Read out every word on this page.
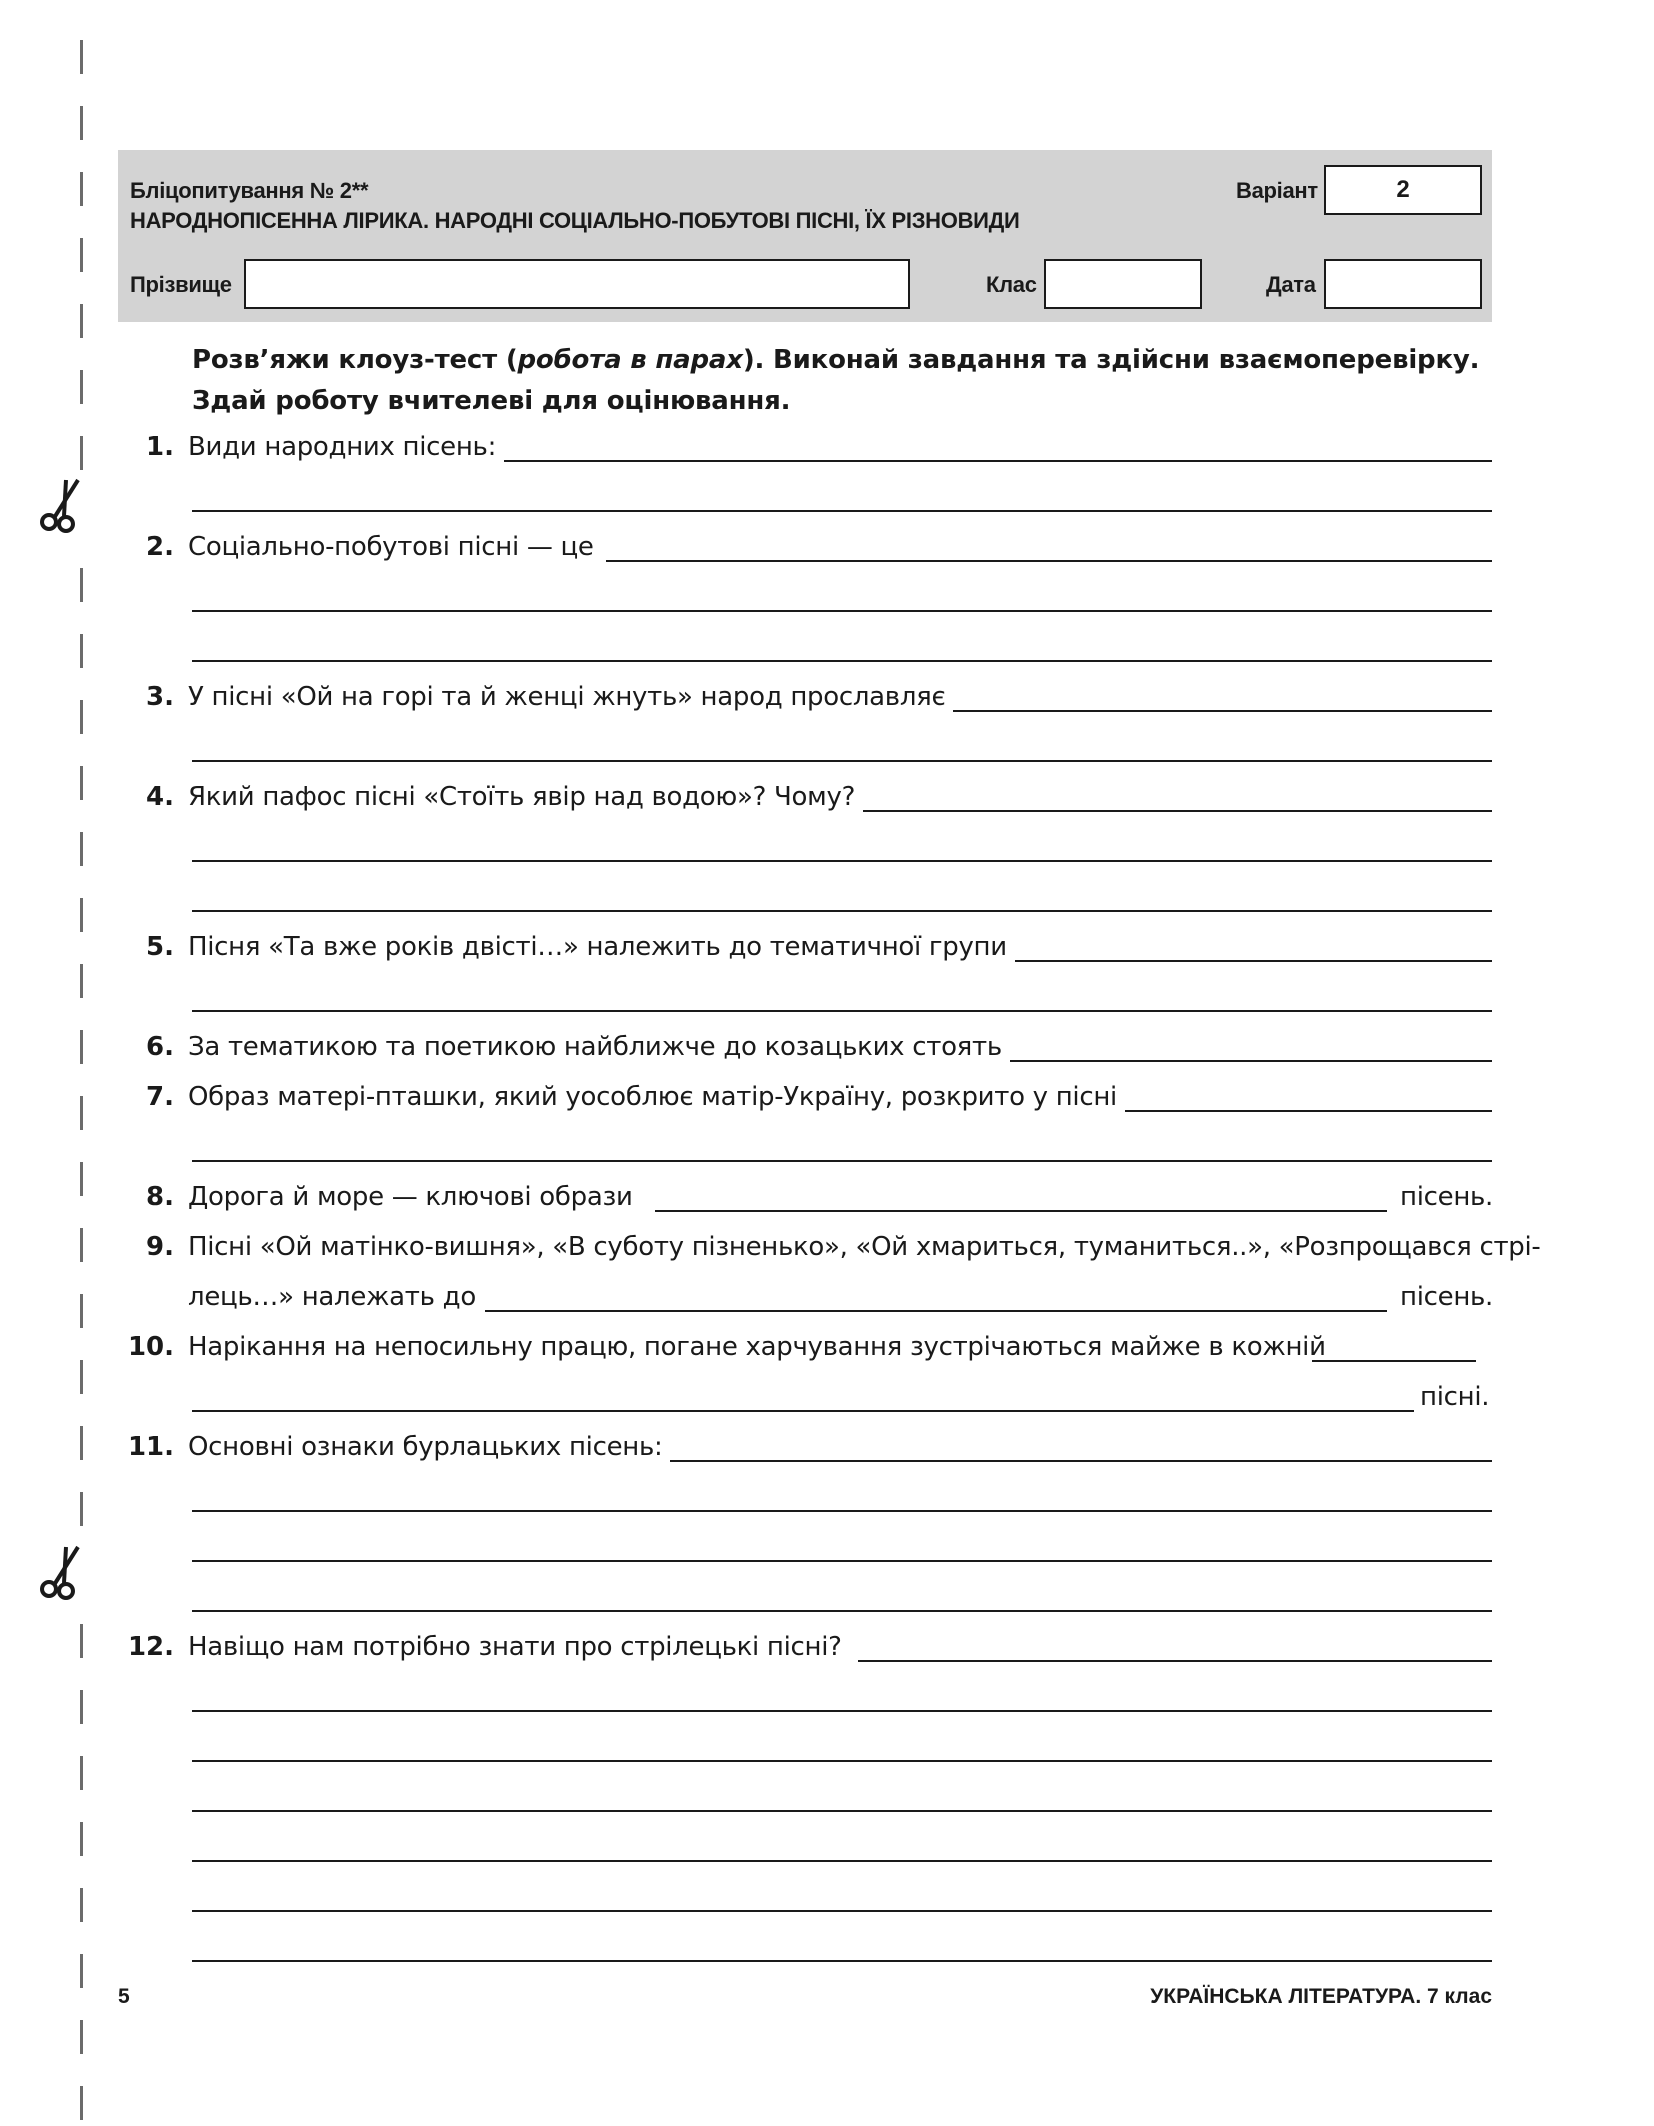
Бліцопитування № 2**
НАРОДНОПІСЕННА ЛІРИКА. НАРОДНІ СОЦІАЛЬНО-ПОБУТОВІ ПІСНІ, ЇХ РІЗНОВИДИ
Варіант	2
Прізвище	Клас	Дата
Розв’яжи клоуз-тест (робота в парах). Виконай завдання та здійсни взаємоперевірку. Здай роботу вчителеві для оцінювання.
1. Види народних пісень:
2. Соціально-побутові пісні — це
3. У пісні «Ой на горі та й женці жнуть» народ прославляє
4. Який пафос пісні «Стоїть явір над водою»? Чому?
5. Пісня «Та вже років двісті…» належить до тематичної групи
6. За тематикою та поетикою найближче до козацьких стоять
7. Образ матері-пташки, який уособлює матір-Україну, розкрито у пісні
8. Дорога й море — ключові образи	пісень.
9. Пісні «Ой матінко-вишня», «В суботу пізненько», «Ой хмариться, туманиться..», «Розпрощався стрі-
лець…» належать до	пісень.
10. Нарікання на непосильну працю, погане харчування зустрічаються майже в кожній
пісні.
11. Основні ознаки бурлацьких пісень:
12. Навіщо нам потрібно знати про стрілецькі пісні?
5	УКРАЇНСЬКА ЛІТЕРАТУРА. 7 клас
